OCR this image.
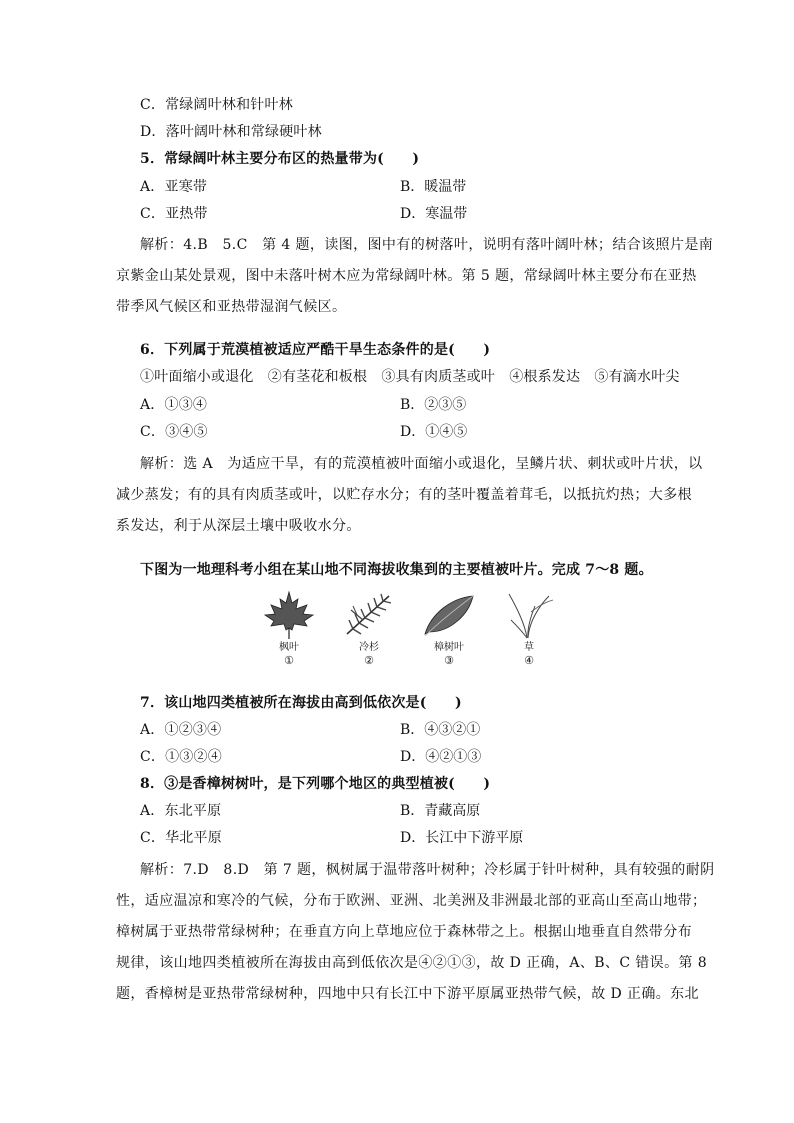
C．常绿阔叶林和针叶林
D．落叶阔叶林和常绿硬叶林
5．常绿阔叶林主要分布区的热量带为(　　)
A．亚寒带	B．暖温带
C．亚热带	D．寒温带
解析：4.B　5.C　第 4 题，读图，图中有的树落叶，说明有落叶阔叶林；结合该照片是南
京紫金山某处景观，图中未落叶树木应为常绿阔叶林。第 5 题，常绿阔叶林主要分布在亚热
带季风气候区和亚热带湿润气候区。
6．下列属于荒漠植被适应严酷干旱生态条件的是(　　)
①叶面缩小或退化　②有茎花和板根　③具有肉质茎或叶　④根系发达　⑤有滴水叶尖
A．①③④	B．②③⑤
C．③④⑤	D．①④⑤
解析：选 A　为适应干旱，有的荒漠植被叶面缩小或退化，呈鳞片状、刺状或叶片状，以
减少蒸发；有的具有肉质茎或叶，以贮存水分；有的茎叶覆盖着茸毛，以抵抗灼热；大多根
系发达，利于从深层土壤中吸收水分。
下图为一地理科考小组在某山地不同海拔收集到的主要植被叶片。完成 7～8 题。
枫叶
①
冷杉
②
樟树叶
③
草
④
7．该山地四类植被所在海拔由高到低依次是(　　)
A．①②③④	B．④③②①
C．①③②④	D．④②①③
8．③是香樟树树叶，是下列哪个地区的典型植被(　　)
A．东北平原	B．青藏高原
C．华北平原	D．长江中下游平原
解析：7.D　8.D　第 7 题，枫树属于温带落叶树种；冷杉属于针叶树种，具有较强的耐阴
性，适应温凉和寒冷的气候，分布于欧洲、亚洲、北美洲及非洲最北部的亚高山至高山地带；
樟树属于亚热带常绿树种；在垂直方向上草地应位于森林带之上。根据山地垂直自然带分布
规律，该山地四类植被所在海拔由高到低依次是④②①③，故 D 正确，A、B、C 错误。第 8
题，香樟树是亚热带常绿树种，四地中只有长江中下游平原属亚热带气候，故 D 正确。东北
